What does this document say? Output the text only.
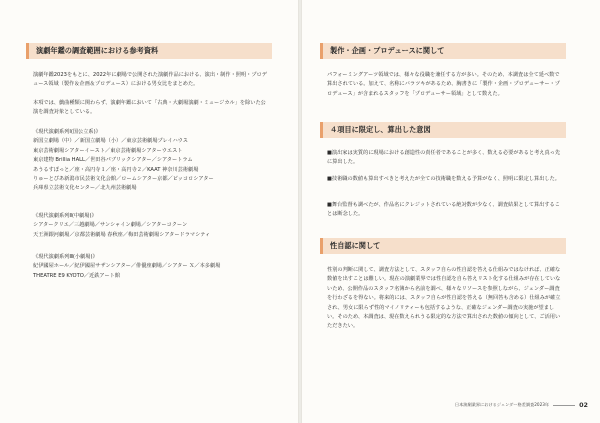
演劇年鑑の調査範囲における参考資料

演劇年鑑2023をもとに、2022年に劇場で公開された演劇作品における、演出・制作・照明・プロデュース領域（製作＆企画＆プロデュース）における男女比をまとめた。

本項では、戯曲種類に関わらず、演劇年鑑において「古典・大劇場演劇・ミュージカル」を除いた公演を調査対象としている。

《現代演劇系列Ⅰ(国公立系)》
新国立劇場（中）／新国立劇場（小）／東京芸術劇場プレイハウス
東京芸術劇場シアターイースト／東京芸術劇場シアターウエスト
東京建物 Brillia HALL／世田谷パブリックシアター／シアタートラム
あうるすぽっと／座・高円寺１／座・高円寺２／KAAT 神奈川芸術劇場
りゅーとぴあ新潟市民芸術文化会館／ロームシアター京都／ピッコロシアター
兵庫県立芸術文化センター／北九州芸術劇場

《現代演劇系列Ⅱ(中劇場)》
シアタークリエ／三越劇場／サンシャイン劇場／シアターコクーン
天王洲銀河劇場／京都芸術劇場 春秋座／梅田芸術劇場シアタードラマシティ

《現代演劇系列Ⅲ(小劇場)》
紀伊國屋ホール／紀伊國屋サザンシアター／俳優座劇場／シアター Ｘ／本多劇場
THEATRE E9 KYOTO／近鉄アート館

製作・企画・プロデュースに関して

パフォーミングアーツ領域では、様々な役職を兼任する方が多い。そのため、本調査は全て延べ数で算出されている。加えて、名称にバラツキがあるため、胸書きに「製作・企画・プロデューサー・プロデュース」が含まれるスタッフを「プロデューサー領域」として数えた。

４項目に限定し、算出した意図

■演出家は実質的に現場における創造性の責任者であることが多く、数える必要があると考え真っ先に算出した。

■技術職の数値も算出すべきと考えたが全ての技術職を数える予算がなく、照明に限定し算出した。

■舞台監督も調べたが、作品名にクレジットされている絶対数が少なく、調査結果として算出することは断念した。

性自認に関して

性別の判断に関して、調査方法として、スタッフ自らの性自認を答える仕組みではなければ、正確な数値を出すことは難しい。現在の演劇業界では性自認を自ら答えリスト化する仕組みが存在していないため、公開作品のスタッフ名簿から名前を調べ、様々なリソースを参照しながら、ジェンダー調査を行わざるを得ない。将来的には、スタッフ自らが性自認を答える（無回答も含める）仕組みが確立され、男女に限らず性的マイノリティーも包括するような、正確なジェンダー調査の実施が望ましい。そのため、本調査は、現在数えられうる限定的な方法で算出された数値の傾向として、ご活用いただきたい。

日本演劇業界におけるジェンダー格差調査2023年	02
